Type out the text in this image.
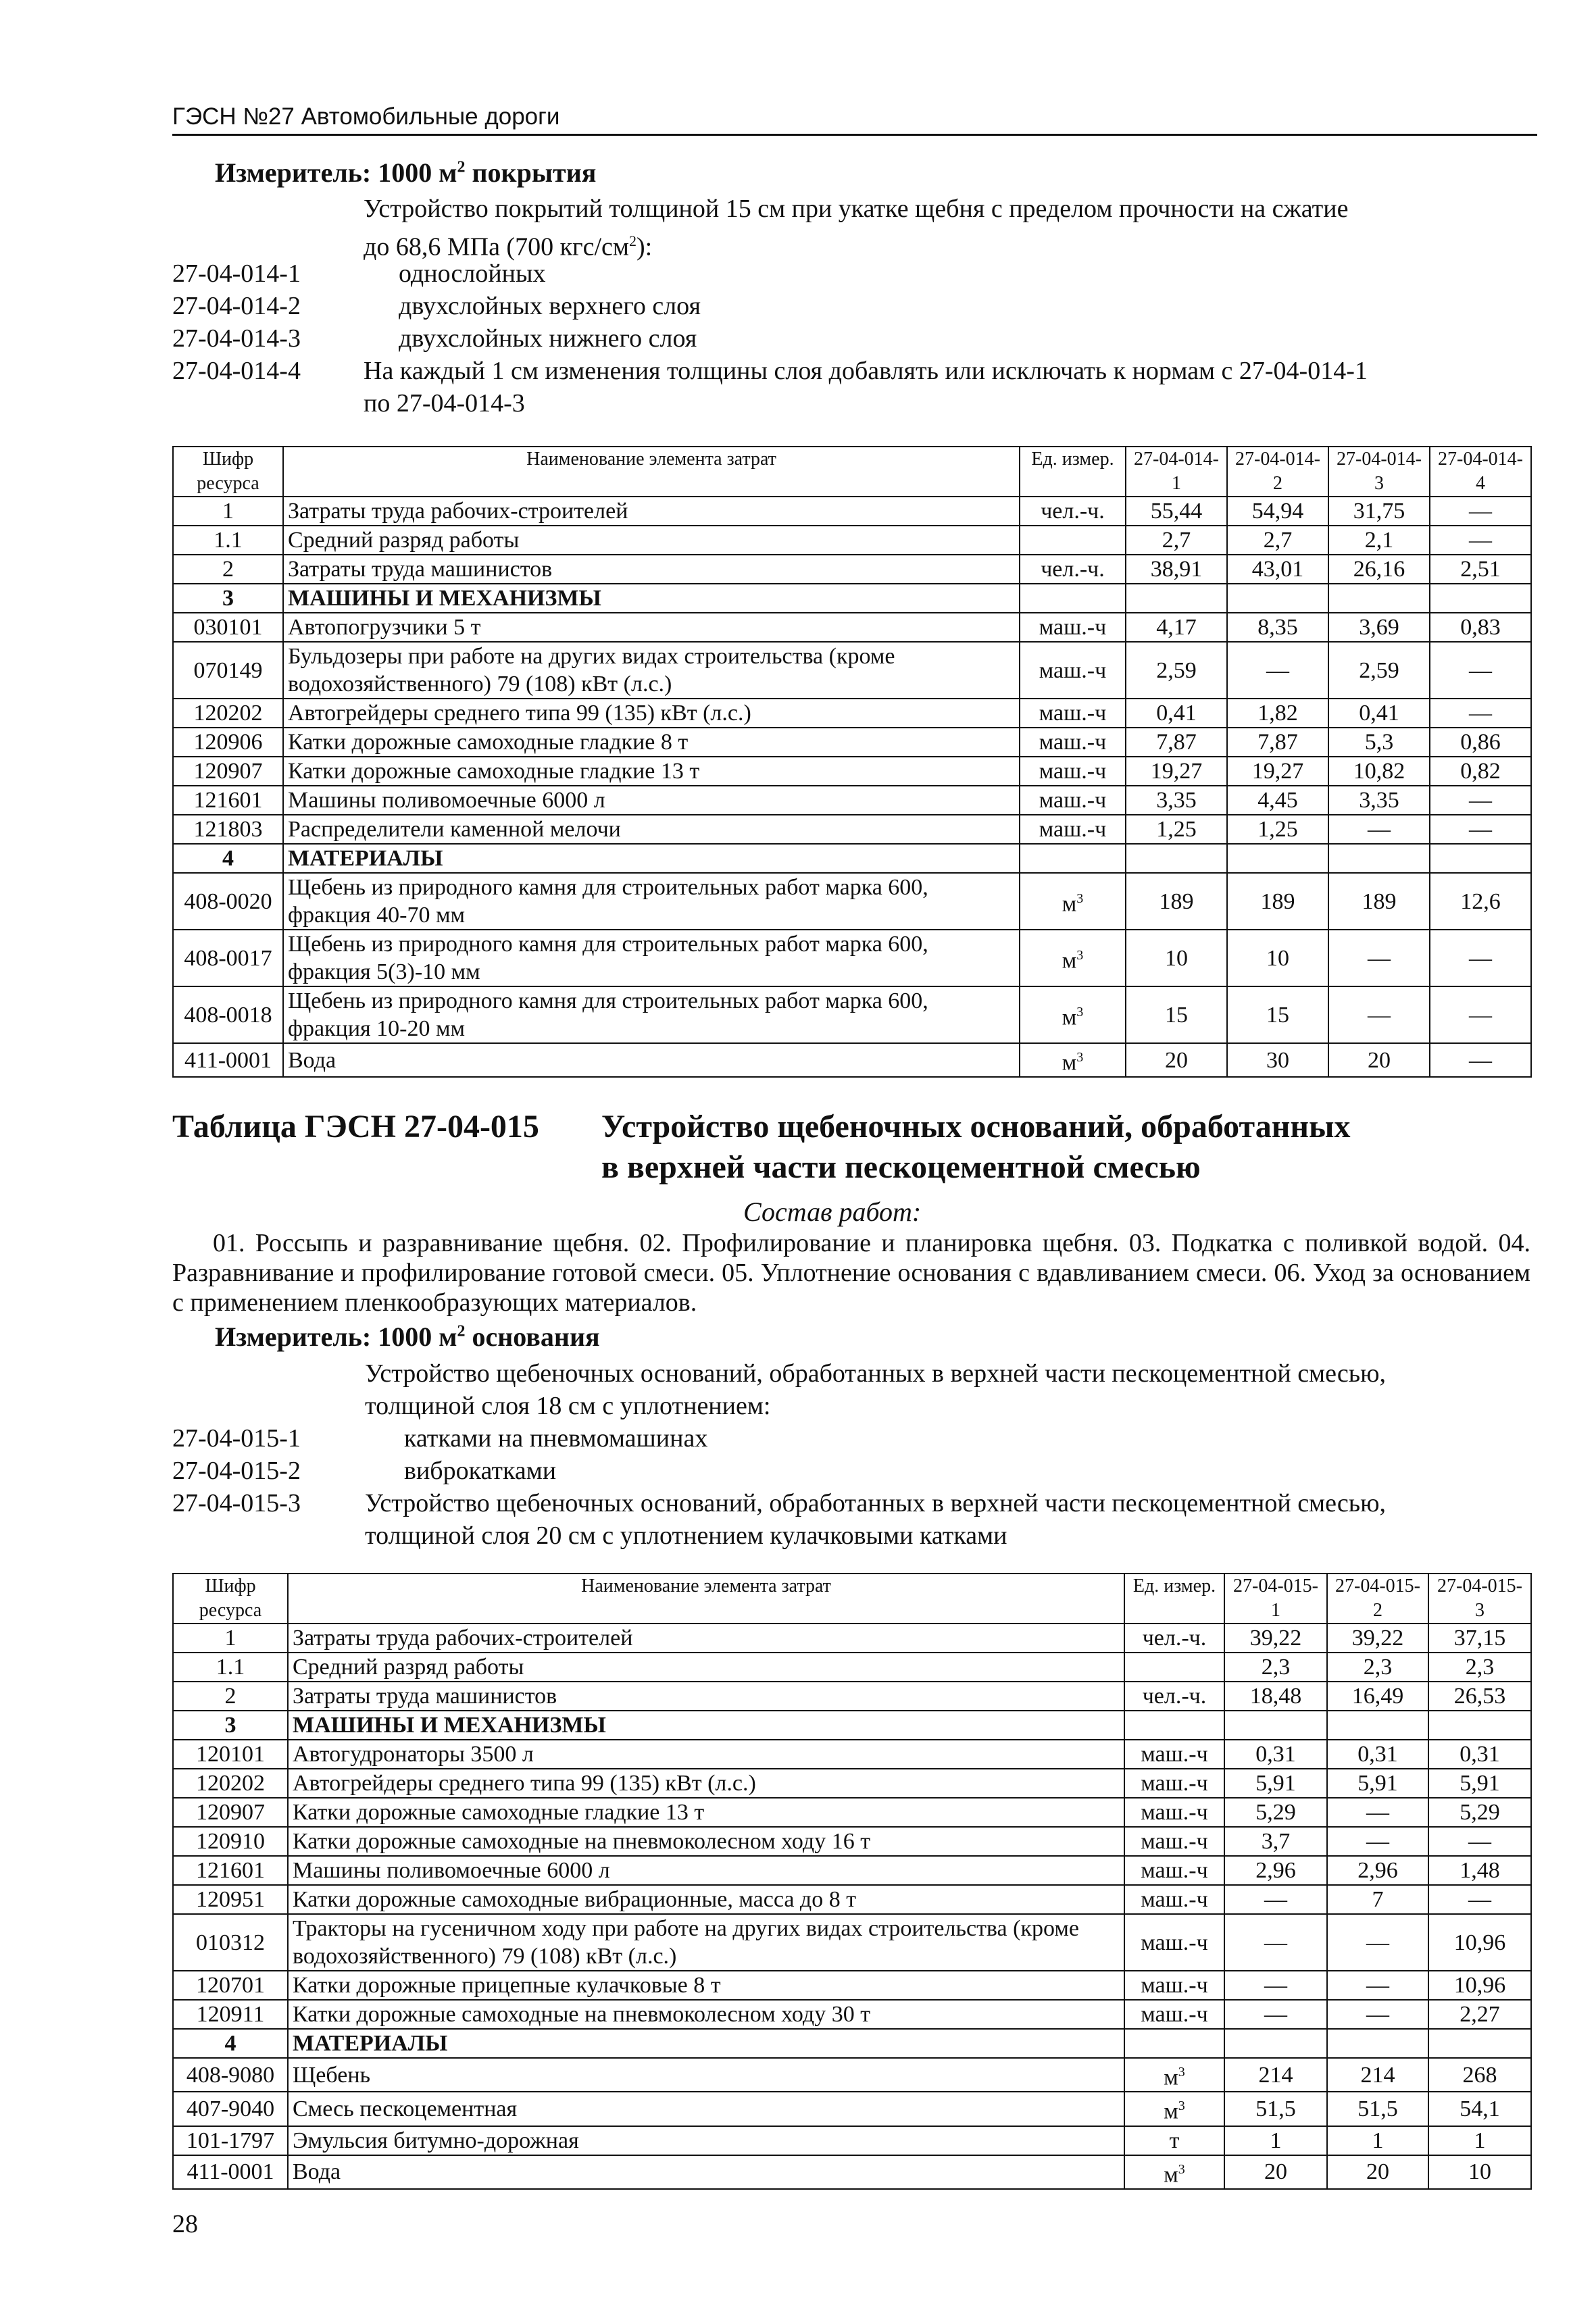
ГЭСН №27 Автомобильные дороги
Измеритель: 1000 $м^2$ покрытия
Устройство покрытий толщиной 15 см при укатке щебня с пределом прочности на сжатие
до 68,6 МПа (700 кгс/$см^2$):
27-04-014-1	однослойных
27-04-014-2	двухслойных верхнего слоя
27-04-014-3	двухслойных нижнего слоя
27-04-014-4 На каждый 1 см изменения толщины слоя добавлять или исключать к нормам с 27-04-014-1
по 27-04-014-3
Шифр ресурса	Наименование элемента затрат	Ед. измер.	27-04-014-1	27-04-014-2	27-04-014-3	27-04-014-4
1	Затраты труда рабочих-строителей	чел.-ч.	55,44	54,94	31,75	—
1.1	Средний разряд работы		2,7	2,7	2,1	—
2	Затраты труда машинистов	чел.-ч.	38,91	43,01	26,16	2,51
3	МАШИНЫ И МЕХАНИЗМЫ					
030101	Автопогрузчики 5 т	маш.-ч	4,17	8,35	3,69	0,83
070149	Бульдозеры при работе на других видах строительства (кроме водохозяйственного) 79 (108) кВт (л.с.)	маш.-ч	2,59	—	2,59	—
120202	Автогрейдеры среднего типа 99 (135) кВт (л.с.)	маш.-ч	0,41	1,82	0,41	—
120906	Катки дорожные самоходные гладкие 8 т	маш.-ч	7,87	7,87	5,3	0,86
120907	Катки дорожные самоходные гладкие 13 т	маш.-ч	19,27	19,27	10,82	0,82
121601	Машины поливомоечные 6000 л	маш.-ч	3,35	4,45	3,35	—
121803	Распределители каменной мелочи	маш.-ч	1,25	1,25	—	—
4	МАТЕРИАЛЫ					
408-0020	Щебень из природного камня для строительных работ марка 600, фракция 40-70 мм	$м^3$	189	189	189	12,6
408-0017	Щебень из природного камня для строительных работ марка 600, фракция 5(3)-10 мм	$м^3$	10	10	—	—
408-0018	Щебень из природного камня для строительных работ марка 600, фракция 10-20 мм	$м^3$	15	15	—	—
411-0001	Вода	$м^3$	20	30	20	—
Таблица ГЭСН 27-04-015 Устройство щебеночных оснований, обработанных
в верхней части пескоцементной смесью
Состав работ:
01. Россыпь и разравнивание щебня. 02. Профилирование и планировка щебня. 03. Подкатка с поливкой водой. 04. Разравнивание и профилирование готовой смеси. 05. Уплотнение основания с вдавливанием смеси. 06. Уход за основанием с применением пленкообразующих материалов.
Измеритель: 1000 $м^2$ основания
Устройство щебеночных оснований, обработанных в верхней части пескоцементной смесью,
толщиной слоя 18 см с уплотнением:
27-04-015-1	катками на пневмомашинах
27-04-015-2	виброкатками
27-04-015-3	Устройство щебеночных оснований, обработанных в верхней части пескоцементной смесью,
толщиной слоя 20 см с уплотнением кулачковыми катками
Шифр ресурса	Наименование элемента затрат	Ед. измер.	27-04-015-1	27-04-015-2	27-04-015-3
1	Затраты труда рабочих-строителей	чел.-ч.	39,22	39,22	37,15
1.1	Средний разряд работы		2,3	2,3	2,3
2	Затраты труда машинистов	чел.-ч.	18,48	16,49	26,53
3	МАШИНЫ И МЕХАНИЗМЫ				
120101	Автогудронаторы 3500 л	маш.-ч	0,31	0,31	0,31
120202	Автогрейдеры среднего типа 99 (135) кВт (л.с.)	маш.-ч	5,91	5,91	5,91
120907	Катки дорожные самоходные гладкие 13 т	маш.-ч	5,29	—	5,29
120910	Катки дорожные самоходные на пневмоколесном ходу 16 т	маш.-ч	3,7	—	—
121601	Машины поливомоечные 6000 л	маш.-ч	2,96	2,96	1,48
120951	Катки дорожные самоходные вибрационные, масса до 8 т	маш.-ч	—	7	—
010312	Тракторы на гусеничном ходу при работе на других видах строительства (кроме водохозяйственного) 79 (108) кВт (л.с.)	маш.-ч	—	—	10,96
120701	Катки дорожные прицепные кулачковые 8 т	маш.-ч	—	—	10,96
120911	Катки дорожные самоходные на пневмоколесном ходу 30 т	маш.-ч	—	—	2,27
4	МАТЕРИАЛЫ				
408-9080	Щебень	$м^3$	214	214	268
407-9040	Смесь пескоцементная	$м^3$	51,5	51,5	54,1
101-1797	Эмульсия битумно-дорожная	т	1	1	1
411-0001	Вода	$м^3$	20	20	10
28
